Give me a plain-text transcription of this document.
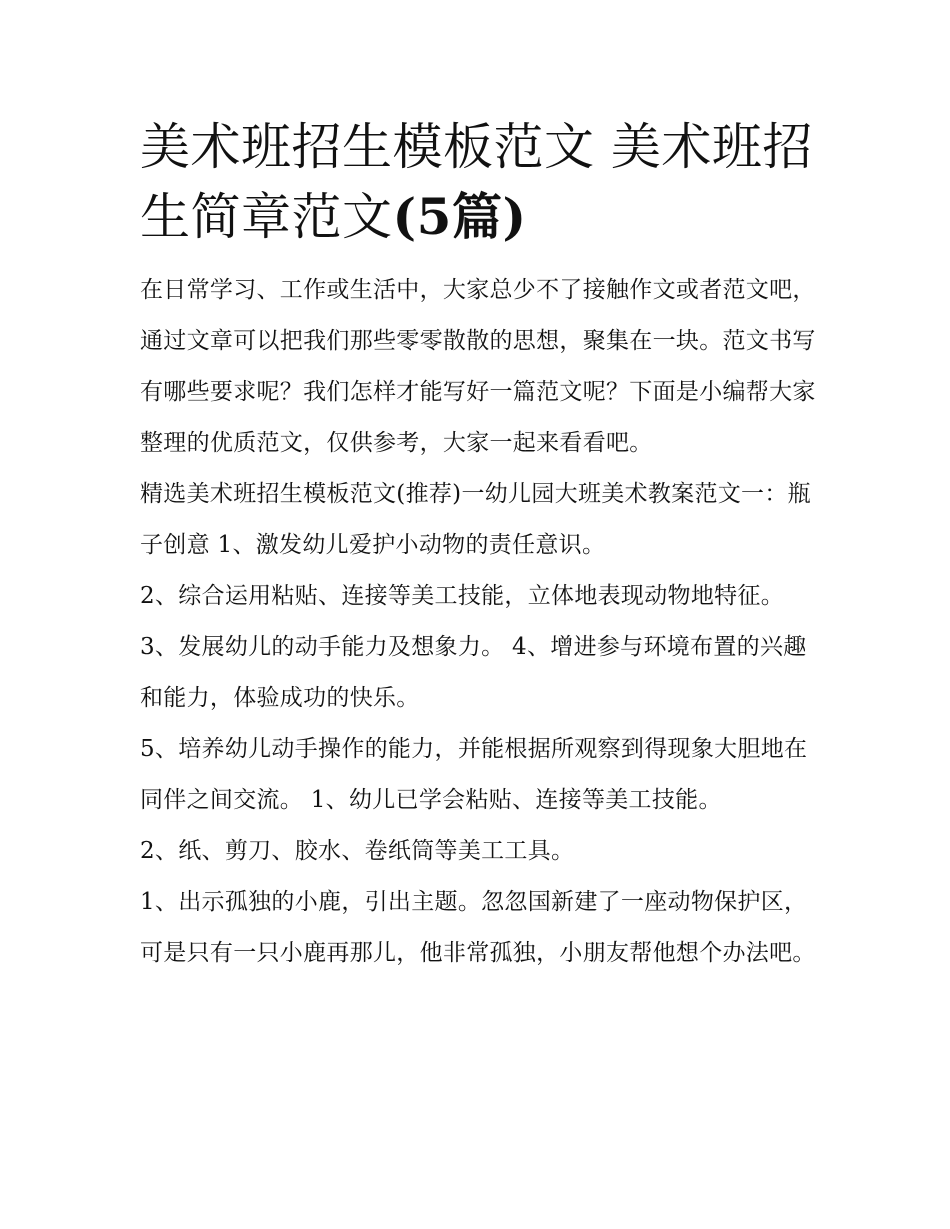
美术班招生模板范文 美术班招生简章范文(5篇)

在日常学习、工作或生活中，大家总少不了接触作文或者范文吧，通过文章可以把我们那些零零散散的思想，聚集在一块。范文书写有哪些要求呢？我们怎样才能写好一篇范文呢？下面是小编帮大家整理的优质范文，仅供参考，大家一起来看看吧。

精选美术班招生模板范文(推荐)一幼儿园大班美术教案范文一：瓶子创意 1、激发幼儿爱护小动物的责任意识。

2、综合运用粘贴、连接等美工技能，立体地表现动物地特征。 3、发展幼儿的动手能力及想象力。 4、增进参与环境布置的兴趣和能力，体验成功的快乐。

5、培养幼儿动手操作的能力，并能根据所观察到得现象大胆地在同伴之间交流。 1、幼儿已学会粘贴、连接等美工技能。

2、纸、剪刀、胶水、卷纸筒等美工工具。

1、出示孤独的小鹿，引出主题。忽忽国新建了一座动物保护区，可是只有一只小鹿再那儿，他非常孤独，小朋友帮他想个办法吧。
